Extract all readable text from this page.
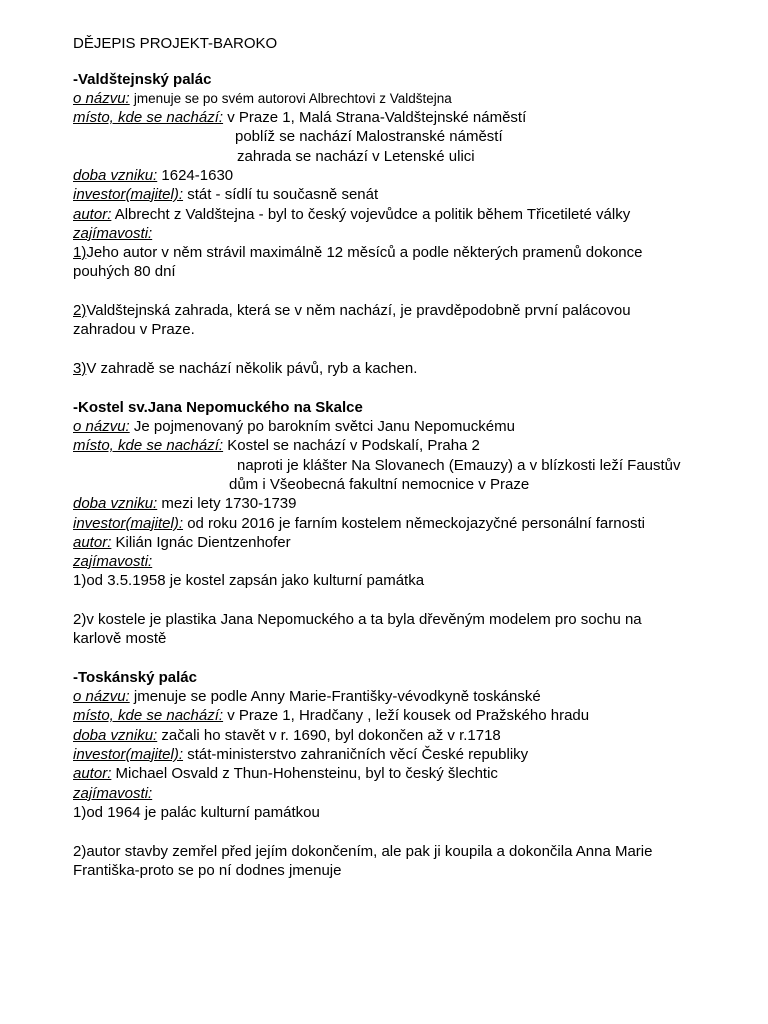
DĚJEPIS PROJEKT-BAROKO
-Valdštejnský palác
o názvu: jmenuje se po svém autorovi Albrechtovi z Valdštejna
místo, kde se nachází: v Praze 1, Malá Strana-Valdštejnské náměstí
poblíž se nachází Malostranské náměstí
zahrada se nachází v Letenské ulici
doba vzniku: 1624-1630
investor(majitel): stát - sídlí tu současně senát
autor: Albrecht z Valdštejna - byl to český vojevůdce a politik během Třicetileté války
zajímavosti:
1)Jeho autor v něm strávil maximálně 12 měsíců a podle některých pramenů dokonce
pouhých 80 dní
2)Valdštejnská zahrada, která se v něm nachází, je pravděpodobně první palácovou
zahradou v Praze.
3)V zahradě se nachází několik pávů, ryb a kachen.
-Kostel sv.Jana Nepomuckého na Skalce
o názvu: Je pojmenovaný po barokním světci Janu Nepomuckému
místo, kde se nachází: Kostel se nachází v Podskalí, Praha 2
naproti je klášter Na Slovanech (Emauzy) a v blízkosti leží Faustův
dům i Všeobecná fakultní nemocnice v Praze
doba vzniku: mezi lety 1730-1739
investor(majitel): od roku 2016 je farním kostelem německojazyčné personální farnosti
autor: Kilián Ignác Dientzenhofer
zajímavosti:
1)od 3.5.1958 je kostel zapsán jako kulturní památka
2)v kostele je plastika Jana Nepomuckého a ta byla dřevěným modelem pro sochu na
karlově mostě
-Toskánský palác
o názvu: jmenuje se podle Anny Marie-Františky-vévodkyně toskánské
místo, kde se nachází: v Praze 1, Hradčany , leží kousek od Pražského hradu
doba vzniku: začali ho stavět v r. 1690, byl dokončen až v r.1718
investor(majitel): stát-ministerstvo zahraničních věcí České republiky
autor: Michael Osvald z Thun-Hohensteinu, byl to český šlechtic
zajímavosti:
1)od 1964 je palác kulturní památkou
2)autor stavby zemřel před jejím dokončením, ale pak ji koupila a dokončila Anna Marie
Františka-proto se po ní dodnes jmenuje
